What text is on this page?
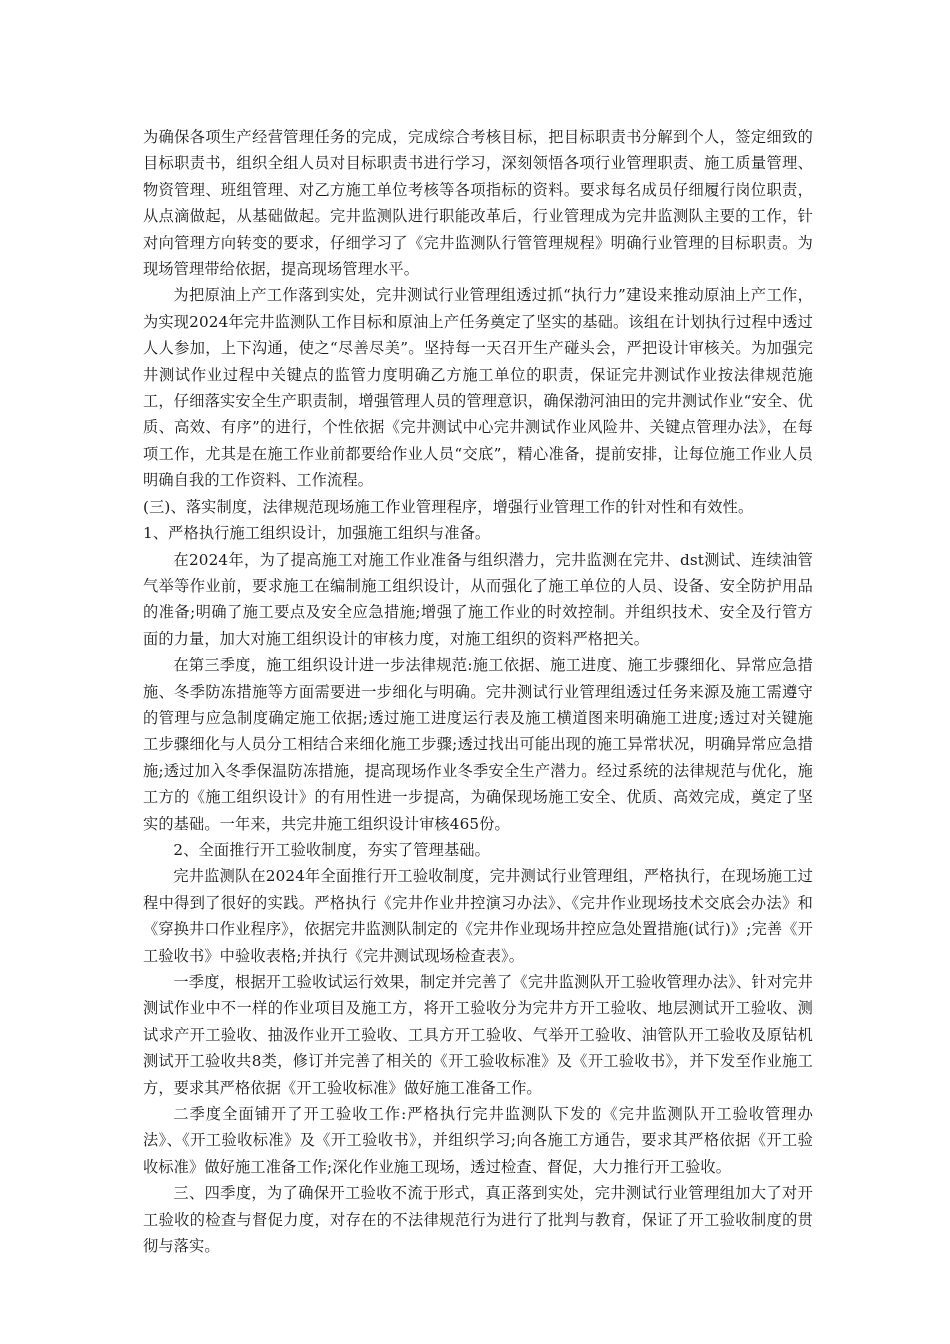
为确保各项生产经营管理任务的完成，完成综合考核目标，把目标职责书分解到个人，签定细致的目标职责书，组织全组人员对目标职责书进行学习，深刻领悟各项行业管理职责、施工质量管理、物资管理、班组管理、对乙方施工单位考核等各项指标的资料。要求每名成员仔细履行岗位职责，从点滴做起，从基础做起。完井监测队进行职能改革后，行业管理成为完井监测队主要的工作，针对向管理方向转变的要求，仔细学习了《完井监测队行管管理规程》明确行业管理的目标职责。为现场管理带给依据，提高现场管理水平。

为把原油上产工作落到实处，完井测试行业管理组透过抓“执行力”建设来推动原油上产工作，为实现2024年完井监测队工作目标和原油上产任务奠定了坚实的基础。该组在计划执行过程中透过人人参加，上下沟通，使之“尽善尽美”。坚持每一天召开生产碰头会，严把设计审核关。为加强完井测试作业过程中关键点的监管力度明确乙方施工单位的职责，保证完井测试作业按法律规范施工，仔细落实安全生产职责制，增强管理人员的管理意识，确保渤河油田的完井测试作业“安全、优质、高效、有序”的进行，个性依据《完井测试中心完井测试作业风险井、关键点管理办法》，在每项工作，尤其是在施工作业前都要给作业人员“交底”，精心准备，提前安排，让每位施工作业人员明确自我的工作资料、工作流程。

(三)、落实制度，法律规范现场施工作业管理程序，增强行业管理工作的针对性和有效性。

1、严格执行施工组织设计，加强施工组织与准备。

在2024年，为了提高施工对施工作业准备与组织潜力，完井监测在完井、dst测试、连续油管气举等作业前，要求施工在编制施工组织设计，从而强化了施工单位的人员、设备、安全防护用品的准备;明确了施工要点及安全应急措施;增强了施工作业的时效控制。并组织技术、安全及行管方面的力量，加大对施工组织设计的审核力度，对施工组织的资料严格把关。

在第三季度，施工组织设计进一步法律规范:施工依据、施工进度、施工步骤细化、异常应急措施、冬季防冻措施等方面需要进一步细化与明确。完井测试行业管理组透过任务来源及施工需遵守的管理与应急制度确定施工依据;透过施工进度运行表及施工横道图来明确施工进度;透过对关键施工步骤细化与人员分工相结合来细化施工步骤;透过找出可能出现的施工异常状况，明确异常应急措施;透过加入冬季保温防冻措施，提高现场作业冬季安全生产潜力。经过系统的法律规范与优化，施工方的《施工组织设计》的有用性进一步提高，为确保现场施工安全、优质、高效完成，奠定了坚实的基础。一年来，共完井施工组织设计审核465份。

2、全面推行开工验收制度，夯实了管理基础。

完井监测队在2024年全面推行开工验收制度，完井测试行业管理组，严格执行，在现场施工过程中得到了很好的实践。严格执行《完井作业井控演习办法》、《完井作业现场技术交底会办法》和《穿换井口作业程序》，依据完井监测队制定的《完井作业现场井控应急处置措施(试行)》;完善《开工验收书》中验收表格;并执行《完井测试现场检查表》。

一季度，根据开工验收试运行效果，制定并完善了《完井监测队开工验收管理办法》、针对完井测试作业中不一样的作业项目及施工方，将开工验收分为完井方开工验收、地层测试开工验收、测试求产开工验收、抽汲作业开工验收、工具方开工验收、气举开工验收、油管队开工验收及原钻机测试开工验收共8类，修订并完善了相关的《开工验收标准》及《开工验收书》，并下发至作业施工方，要求其严格依据《开工验收标准》做好施工准备工作。

二季度全面铺开了开工验收工作:严格执行完井监测队下发的《完井监测队开工验收管理办法》、《开工验收标准》及《开工验收书》，并组织学习;向各施工方通告，要求其严格依据《开工验收标准》做好施工准备工作;深化作业施工现场，透过检查、督促，大力推行开工验收。

三、四季度，为了确保开工验收不流于形式，真正落到实处，完井测试行业管理组加大了对开工验收的检查与督促力度，对存在的不法律规范行为进行了批判与教育，保证了开工验收制度的贯彻与落实。
